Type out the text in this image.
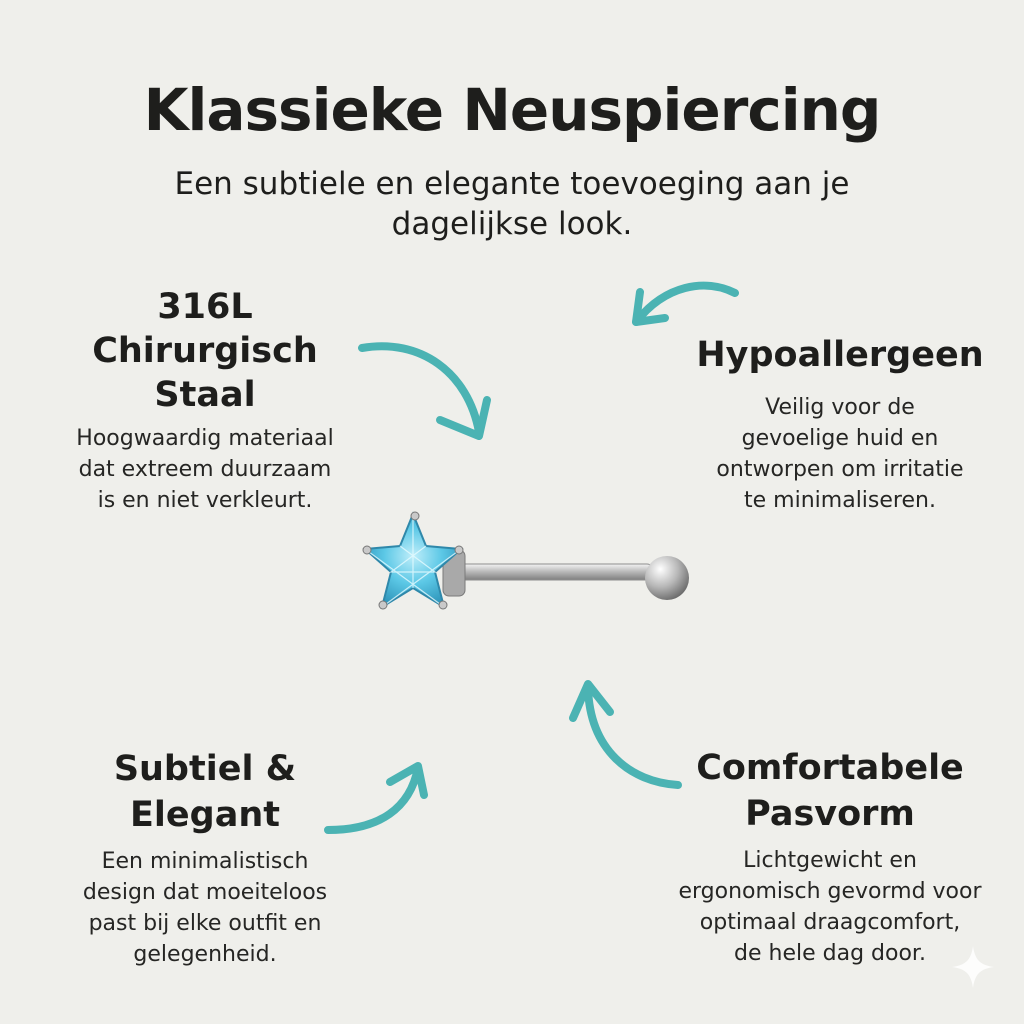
Klassieke Neuspiercing

Een subtiele en elegante toevoeging aan je dagelijkse look.

316L
Chirurgisch
Staal

Hoogwaardig materiaal
dat extreem duurzaam
is en niet verkleurt.

Hypoallergeen

Veilig voor de
gevoelige huid en
ontworpen om irritatie
te minimaliseren.

Subtiel &
Elegant

Een minimalistisch
design dat moeiteloos
past bij elke outfit en
gelegenheid.

Comfortabele
Pasvorm

Lichtgewicht en
ergonomisch gevormd voor
optimaal draagcomfort,
de hele dag door.
